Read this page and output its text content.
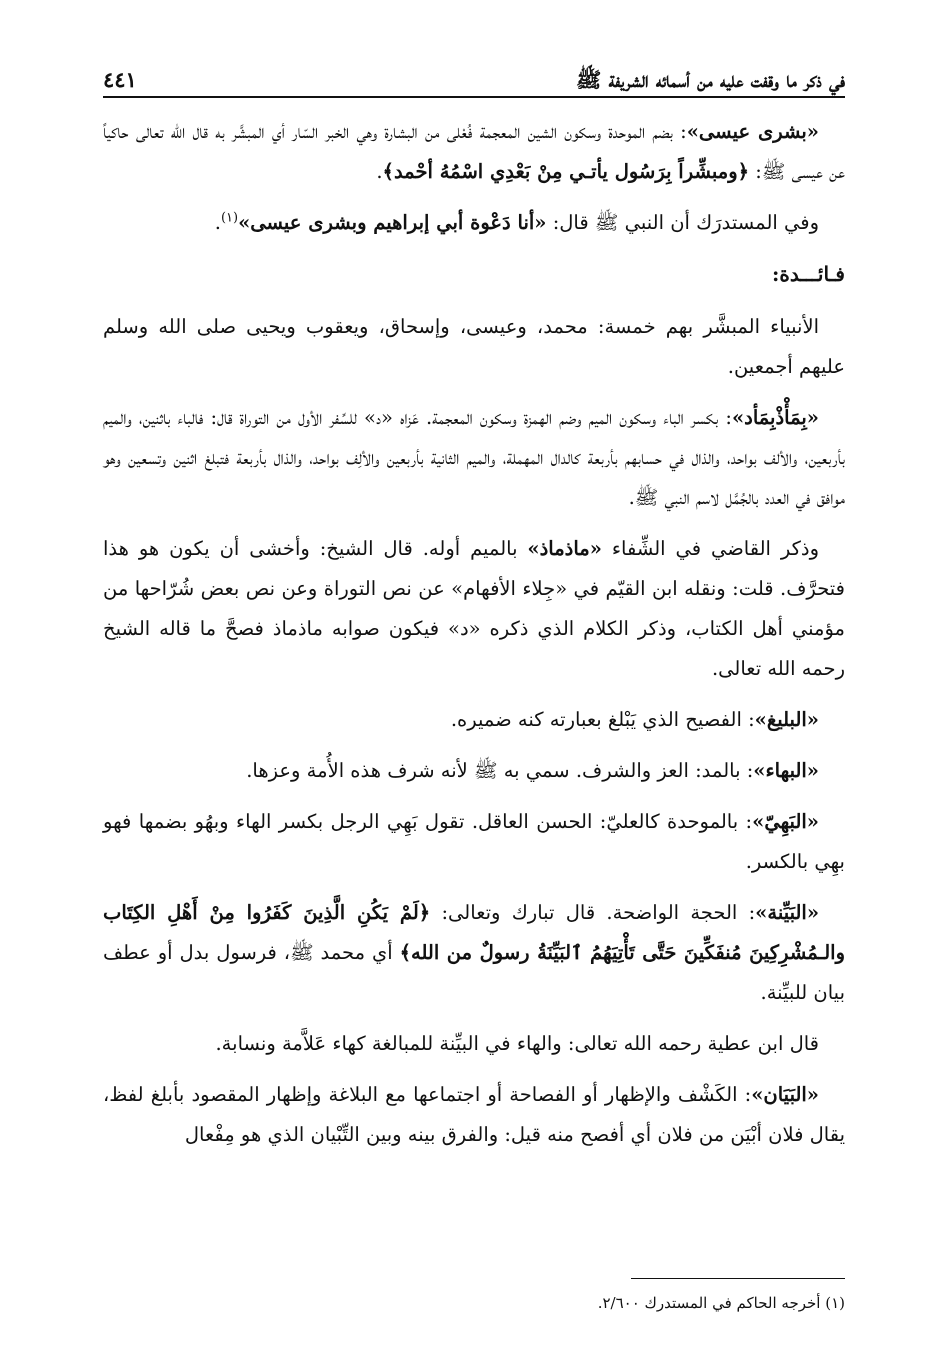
في ذكر ما وقفت عليه من أسمائه الشريفة ﷺ
٤٤١

«بشرى عيسى»: بضم الموحدة وسكون الشين المعجمة فُعْلى من البشارة وهي الخبر السّار أي المبشَّر به قال الله تعالى حاكياً عن عيسى ﷺ: ﴿ومبشِّراً بِرَسُول يأتـي مِنْ بَعْدِي اسْمُهُ أحْمد﴾.

وفي المستدرَك أن النبي ﷺ قال: «أنا دَعْوة أبي إبراهيم وبشرى عيسى»$^{(١)}$.

فـائـــدة:

الأنبياء المبشَّر بهم خمسة: محمد، وعيسى، وإسحاق، ويعقوب ويحيى صلى الله وسلم عليهم أجمعين.

«بِمَأْذْبِمَأد»: بكسر الباء وسكون الميم وضم الهمزة وسكون المعجمة. عَزاه «د» للسِّفر الأول من التوراة قال: فالباء باثنين، والميم بأربعين، والألف بواحد، والذال في حسابهم بأربعة كالدال المهملة، والميم الثانية بأربعين والألِف بواحد، والذال بأربعة فتبلغ اثنين وتسعين وهو موافق في العدد بالجُمَّل لاسم النبي ﷺ.

وذكر القاضي في الشِّفاء «ماذماذ» بالميم أوله. قال الشيخ: وأخشى أن يكون هو هذا فتحرَّف. قلت: ونقله ابن القيّم في «جِلاء الأفهام» عن نص التوراة وعن نص بعض شُرّاحها من مؤمني أهل الكتاب، وذكر الكلام الذي ذكره «د» فيكون صوابه ماذماذ فصحَّ ما قاله الشيخ رحمه الله تعالى.

«البليغ»: الفصيح الذي يَبْلغ بعبارته كنه ضميره.

«البهاء»: بالمد: العز والشرف. سمي به ﷺ لأنه شرف هذه الأُمة وعزها.

«البَهِيّ»: بالموحدة كالعليّ: الحسن العاقل. تقول بَهِي الرجل بكسر الهاء وبهُو بضمها فهو بهِي بالكسر.

«البَيِّنة»: الحجة الواضحة. قال تبارك وتعالى: ﴿لَمْ يَكُنِ الَّذِينَ كَفَرُوا مِنْ أَهْلِ الكِتَاب والـمُشْرِكِينَ مُنفَكِّينَ حَتَّى تَأْتِيَهُمُ ٱلبَيِّنَةُ رسولٌ من الله﴾ أي محمد ﷺ، فرسول بدل أو عطف بيان للبيِّنة.

قال ابن عطية رحمه الله تعالى: والهاء في البيِّنة للمبالغة كهاء عَلاَّمة ونسابة.

«البَيَان»: الكَشْف والإظهار أو الفصاحة أو اجتماعها مع البلاغة وإظهار المقصود بأبلغ لفظ، يقال فلان أبْيَن من فلان أي أفصح منه قيل: والفرق بينه وبين التِّبْيان الذي هو مِفْعال

(١) أخرجه الحاكم في المستدرك ٢/٦٠٠.
